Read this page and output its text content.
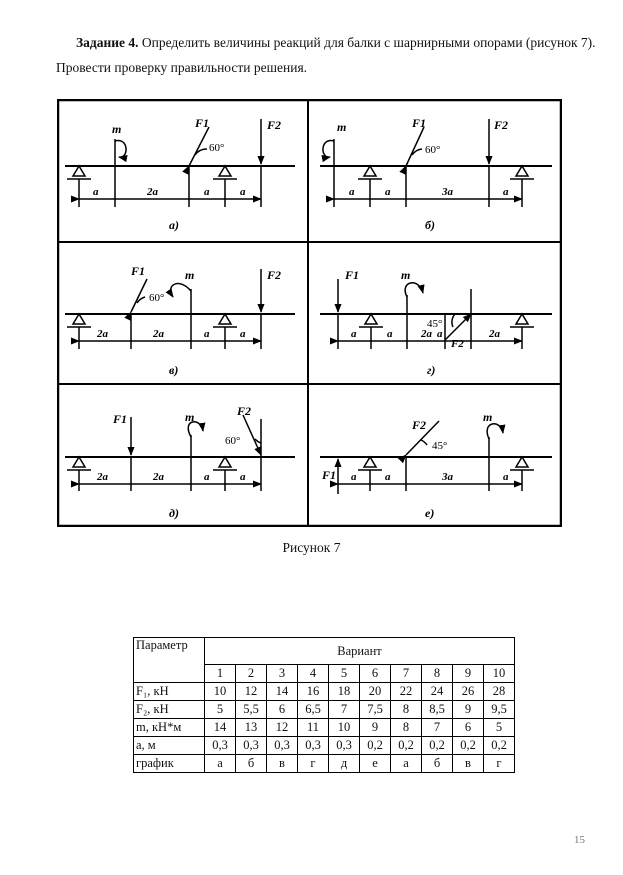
Задание 4. Определить величины реакций для балки с шарнирными опорами (рисунок 7). Провести проверку правильности решения.
m	F1	F2
60°
a	2a	a	a
а)
m	F1	F2
60°
a	a	3a	a
б)
F1	m	F2
60°
2a	2a	a	a
в)
F1	m
45°
F2
a	a	2a a	2a
г)
F1	m	F2
60°
2a	2a	a	a
д)
F1
F2
45°
m
a	a	3a	a
е)
Рисунок 7
Параметр	Вариант									
	1	2	3	4	5	6	7	8	9	10
F₁, кН	10	12	14	16	18	20	22	24	26	28
F₂, кН	5	5,5	6	6,5	7	7,5	8	8,5	9	9,5
m, кН*м	14	13	12	11	10	9	8	7	6	5
а, м	0,3	0,3	0,3	0,3	0,3	0,2	0,2	0,2	0,2	0,2
график	а	б	в	г	д	е	а	б	в	г
15
